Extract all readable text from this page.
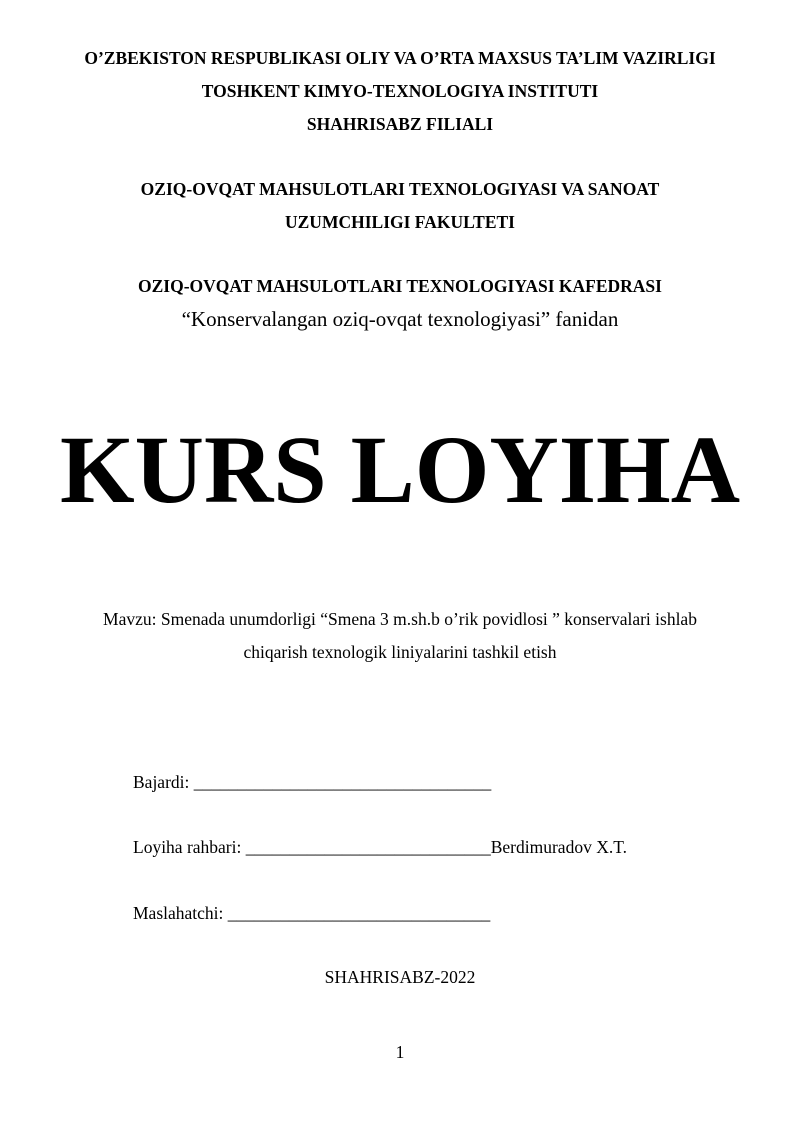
O’ZBEKISTON RESPUBLIKASI OLIY VA O’RTA MAXSUS TA’LIM VAZIRLIGI
TOSHKENT KIMYO-TEXNOLOGIYA INSTITUTI
SHAHRISABZ FILIALI
OZIQ-OVQAT MAHSULOTLARI TEXNOLOGIYASI VA SANOAT
UZUMCHILIGI FAKULTETI
OZIQ-OVQAT MAHSULOTLARI TEXNOLOGIYASI KAFEDRASI
“Konservalangan oziq-ovqat texnologiyasi” fanidan
KURS LOYIHA
Mavzu: Smenada unumdorligi “Smena 3 m.sh.b o’rik povidlosi ” konservalari ishlab
chiqarish texnologik liniyalarini tashkil etish
Bajardi: __________________________________
Loyiha rahbari: ____________________________Berdimuradov X.T.
Maslahatchi: ______________________________
SHAHRISABZ-2022
1
